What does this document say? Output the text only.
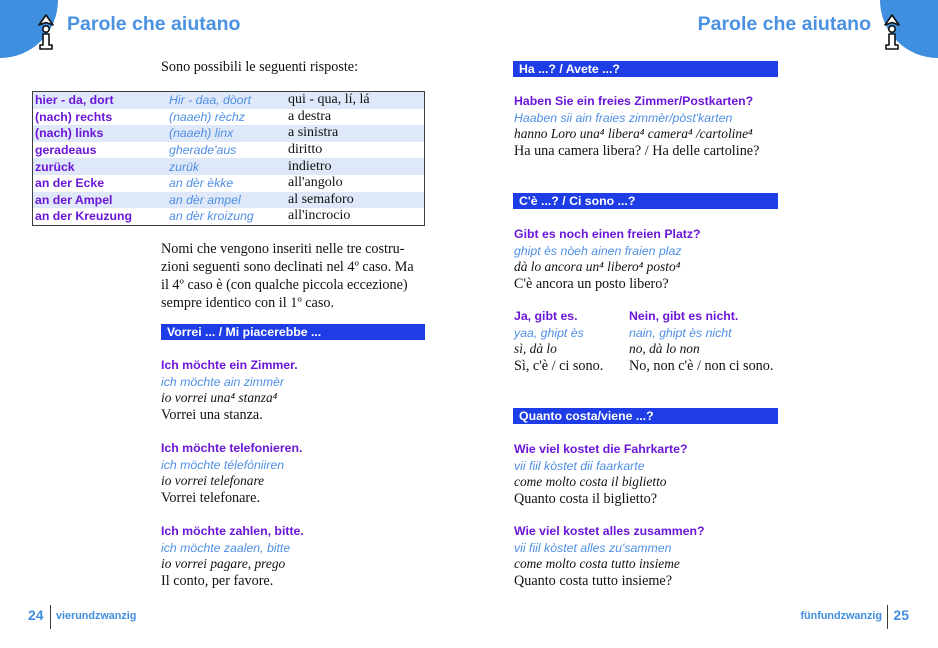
Parole che aiutano
Sono possibili le seguenti risposte:
hier - da, dort	Hir - daa, dòort	qui - qua, lí, lá
(nach) rechts	(naaeh) rèchz	a destra
(nach) links	(naaeh) linx	a sinistra
geradeaus	gherade'aus	diritto
zurück	zurük	indietro
an der Ecke	an dèr èkke	all'angolo
an der Ampel	an dèr ampel	al semaforo
an der Kreuzung	an dèr kroizung	all'incrocio
Nomi che vengono inseriti nelle tre costru-
zioni seguenti sono declinati nel 4º caso. Ma
il 4º caso è (con qualche piccola eccezione)
sempre identico con il 1º caso.
Vorrei ... / Mi piacerebbe ...
Ich möchte ein Zimmer.
ich möchte ain zimmèr
io vorrei una⁴ stanza⁴
Vorrei una stanza.
Ich möchte telefonieren.
ich möchte télefóniiren
io vorrei telefonare
Vorrei telefonare.
Ich möchte zahlen, bitte.
ich möchte zaalen, bitte
io vorrei pagare, prego
Il conto, per favore.
24 vierundzwanzig
Parole che aiutano
Ha ...? / Avete ...?
Haben Sie ein freies Zimmer/Postkarten?
Haaben sii ain fraies zimmèr/pòst'karten
hanno Loro una⁴ libera⁴ camera⁴ /cartoline⁴
Ha una camera libera? / Ha delle cartoline?
C'è ...? / Ci sono ...?
Gibt es noch einen freien Platz?
ghipt ès nòeh ainen fraien plaz
dà lo ancora un⁴ libero⁴ posto⁴
C'è ancora un posto libero?
Ja, gibt es.
yaa, ghipt ès
sì, dà lo
Sì, c'è / ci sono.
Nein, gibt es nicht.
nain, ghipt ès nicht
no, dà lo non
No, non c'è / non ci sono.
Quanto costa/viene ...?
Wie viel kostet die Fahrkarte?
vii fiil kòstet dii faarkarte
come molto costa il biglietto
Quanto costa il biglietto?
Wie viel kostet alles zusammen?
vii fiil kòstet alles zu'sammen
come molto costa tutto insieme
Quanto costa tutto insieme?
fünfundzwanzig 25
